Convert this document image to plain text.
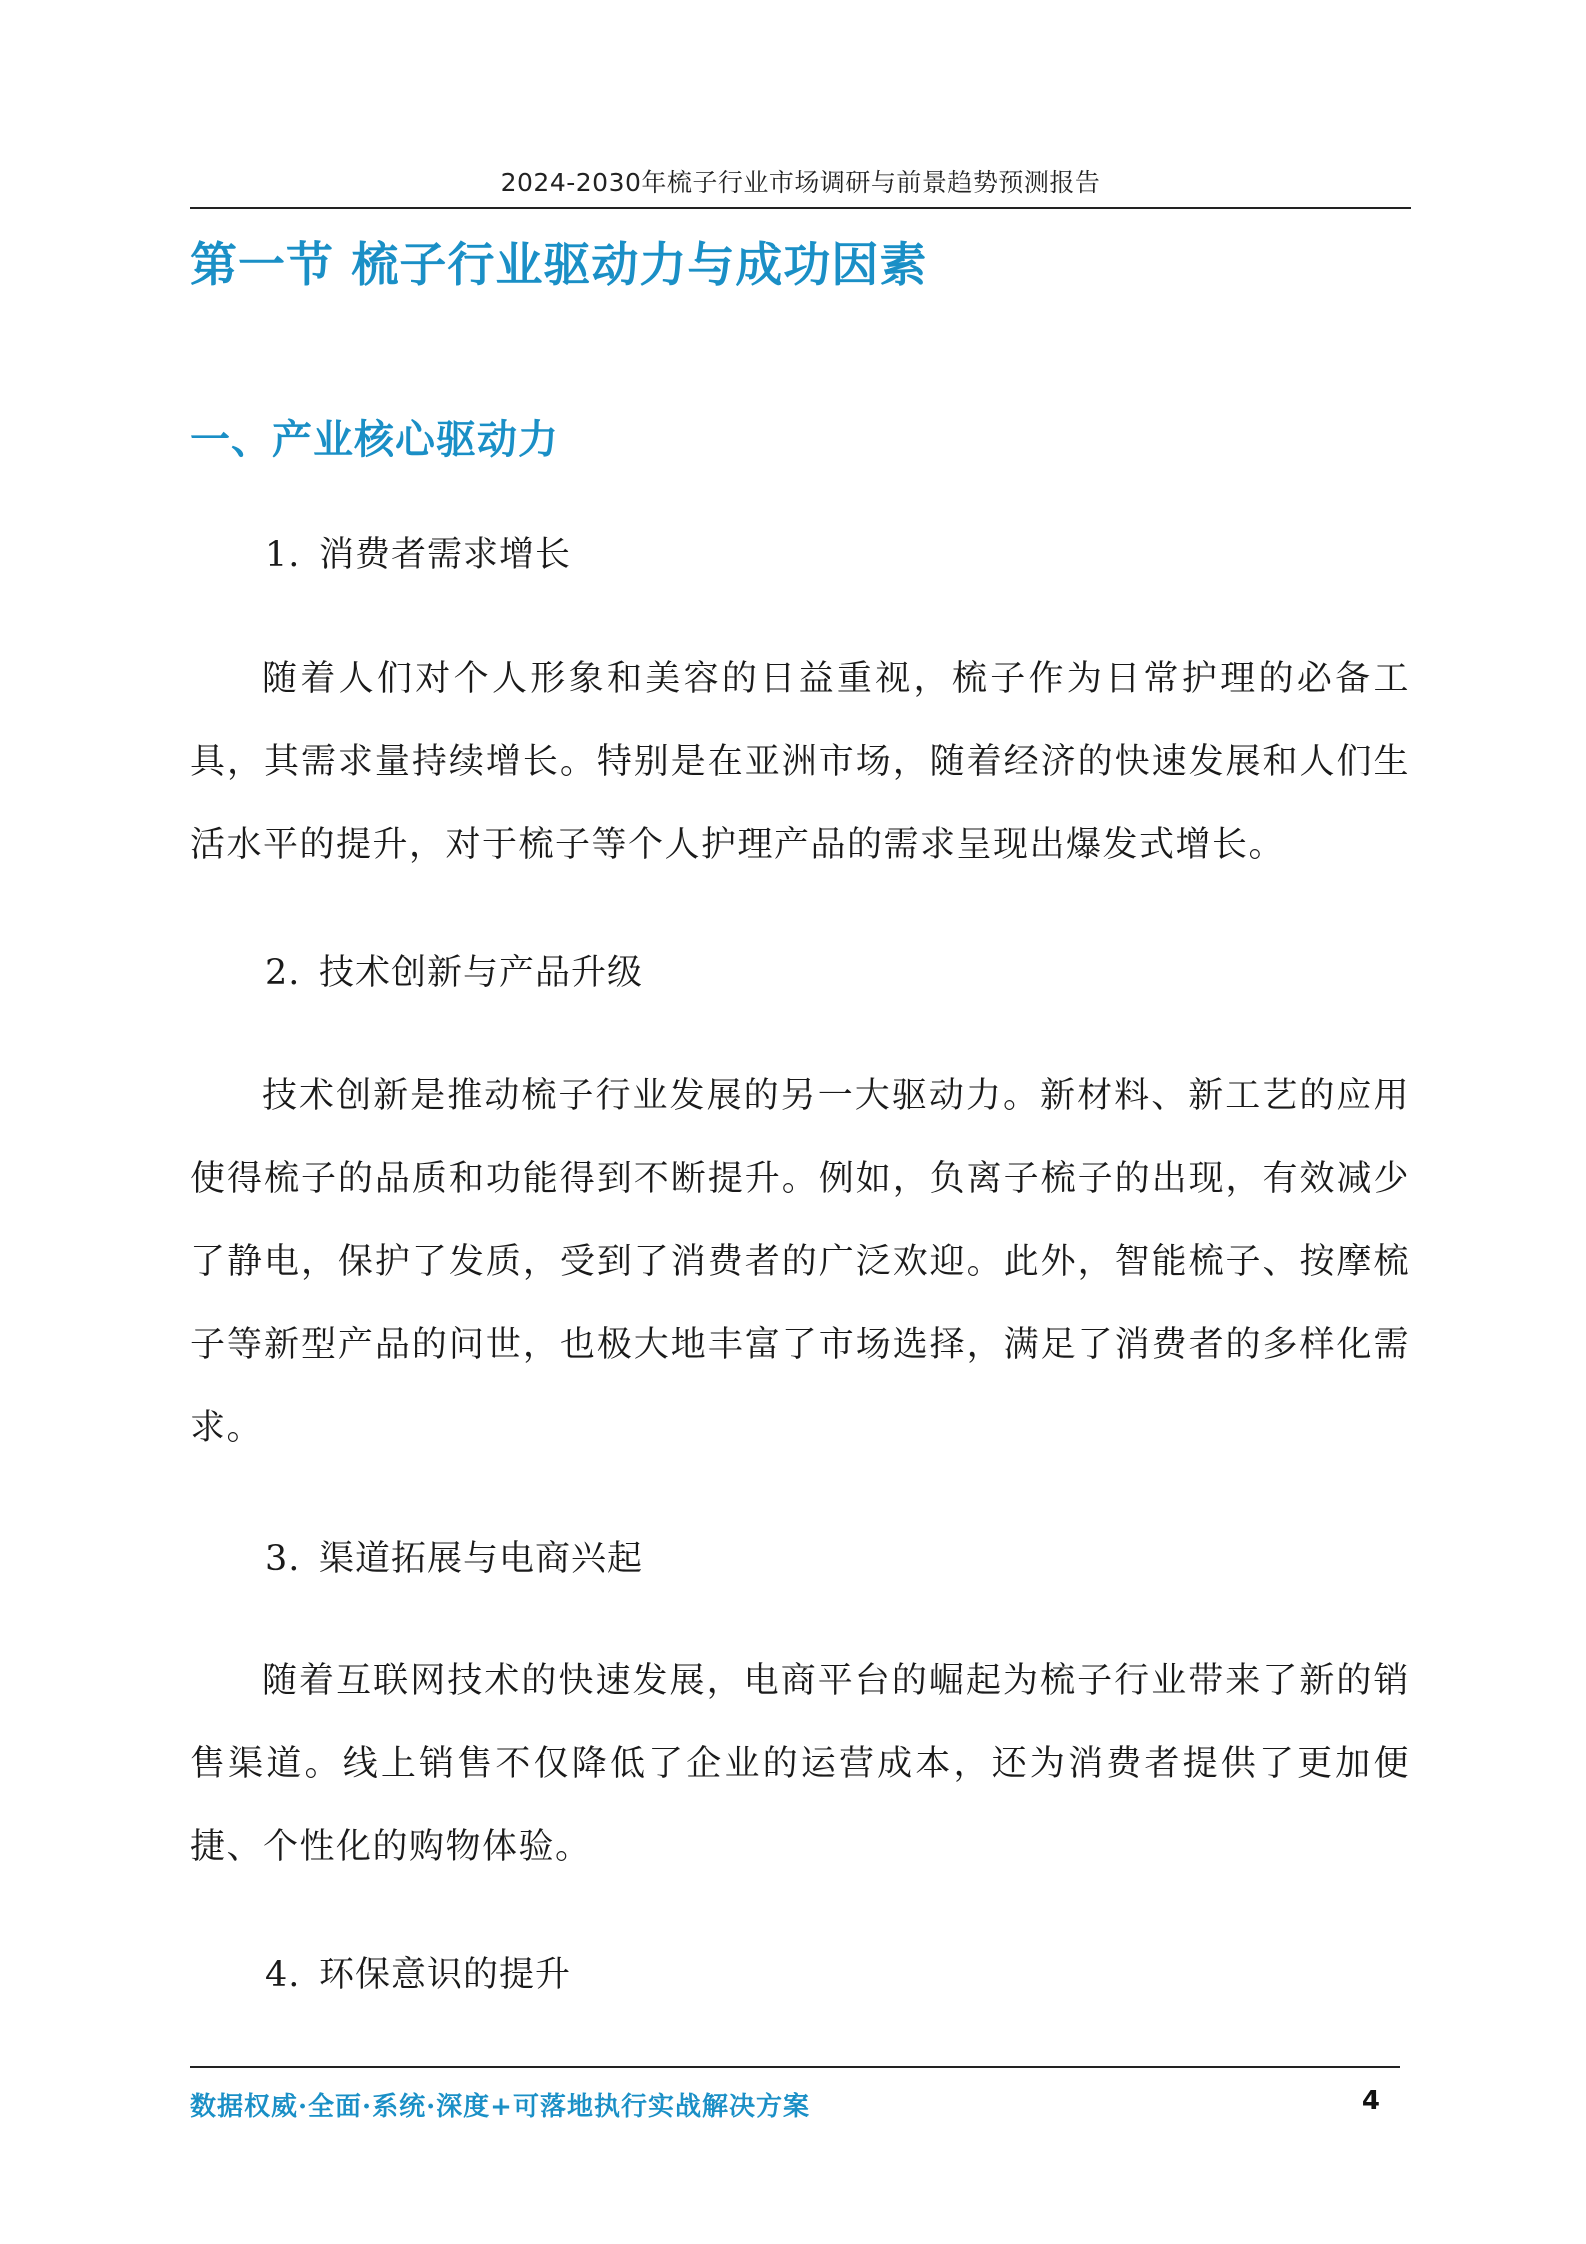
2024-2030年梳子行业市场调研与前景趋势预测报告
第一节 梳子行业驱动力与成功因素
一、产业核心驱动力
1. 消费者需求增长
随着人们对个人形象和美容的日益重视，梳子作为日常护理的必备工具，其需求量持续增长。特别是在亚洲市场，随着经济的快速发展和人们生活水平的提升，对于梳子等个人护理产品的需求呈现出爆发式增长。
2. 技术创新与产品升级
技术创新是推动梳子行业发展的另一大驱动力。新材料、新工艺的应用使得梳子的品质和功能得到不断提升。例如，负离子梳子的出现，有效减少了静电，保护了发质，受到了消费者的广泛欢迎。此外，智能梳子、按摩梳子等新型产品的问世，也极大地丰富了市场选择，满足了消费者的多样化需求。
3. 渠道拓展与电商兴起
随着互联网技术的快速发展，电商平台的崛起为梳子行业带来了新的销售渠道。线上销售不仅降低了企业的运营成本，还为消费者提供了更加便捷、个性化的购物体验。
4. 环保意识的提升
数据权威·全面·系统·深度+可落地执行实战解决方案	4
